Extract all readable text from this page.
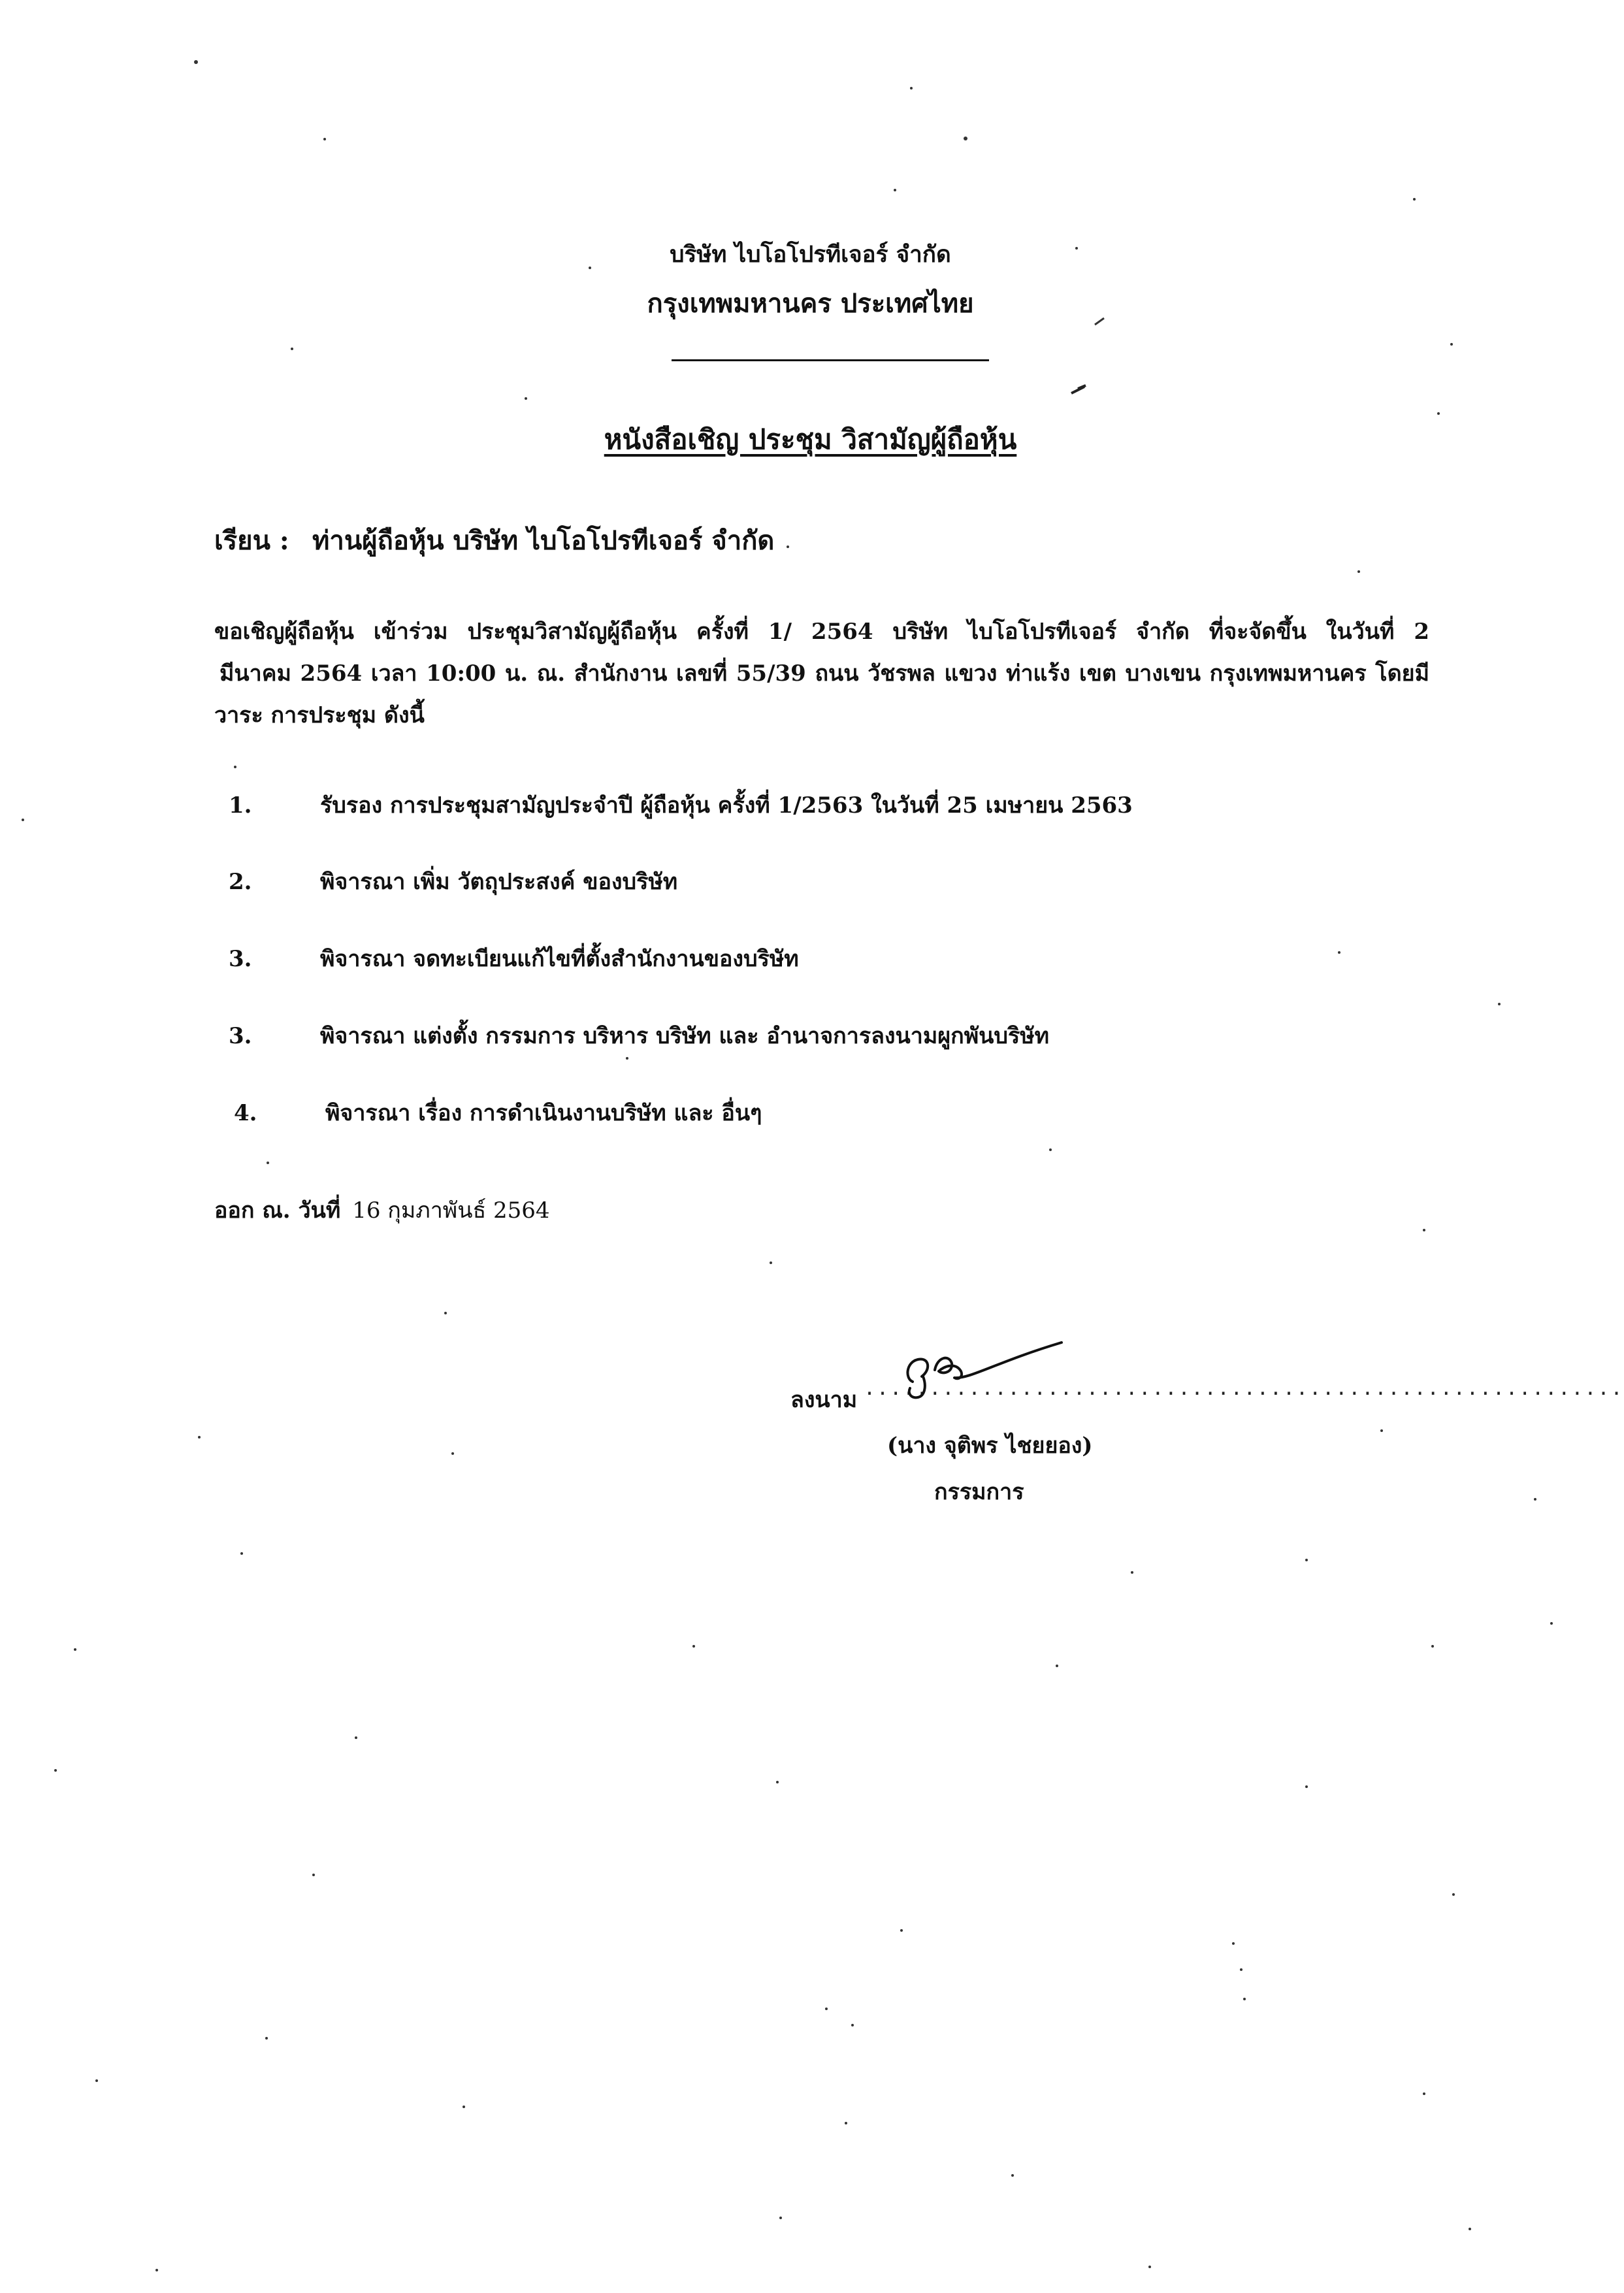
บริษัท ไบโอโปรทีเจอร์ จำกัด
กรุงเทพมหานคร ประเทศไทย
หนังสือเชิญ ประชุม วิสามัญผู้ถือหุ้น
เรียน : ท่านผู้ถือหุ้น บริษัท ไบโอโปรทีเจอร์ จำกัด
ขอเชิญผู้ถือหุ้น เข้าร่วม ประชุมวิสามัญผู้ถือหุ้น ครั้งที่ 1/ 2564 บริษัท ไบโอโปรทีเจอร์ จำกัด ที่จะจัดขึ้น ในวันที่ 2
มีนาคม 2564 เวลา 10:00 น. ณ. สำนักงาน เลขที่ 55/39 ถนน วัชรพล แขวง ท่าแร้ง เขต บางเขน กรุงเทพมหานคร โดยมี
วาระ การประชุม ดังนี้
1.	รับรอง การประชุมสามัญประจำปี ผู้ถือหุ้น ครั้งที่ 1/2563 ในวันที่ 25 เมษายน 2563
2.	พิจารณา เพิ่ม วัตถุประสงค์ ของบริษัท
3.	พิจารณา จดทะเบียนแก้ไขที่ตั้งสำนักงานของบริษัท
3.	พิจารณา แต่งตั้ง กรรมการ บริหาร บริษัท และ อำนาจการลงนามผูกพันบริษัท
4.	พิจารณา เรื่อง การดำเนินงานบริษัท และ อื่นๆ
ออก ณ. วันที่ 16 กุมภาพันธ์ 2564
ลงนาม ..........................................................
(นาง จุติพร ไชยยอง)
กรรมการ
